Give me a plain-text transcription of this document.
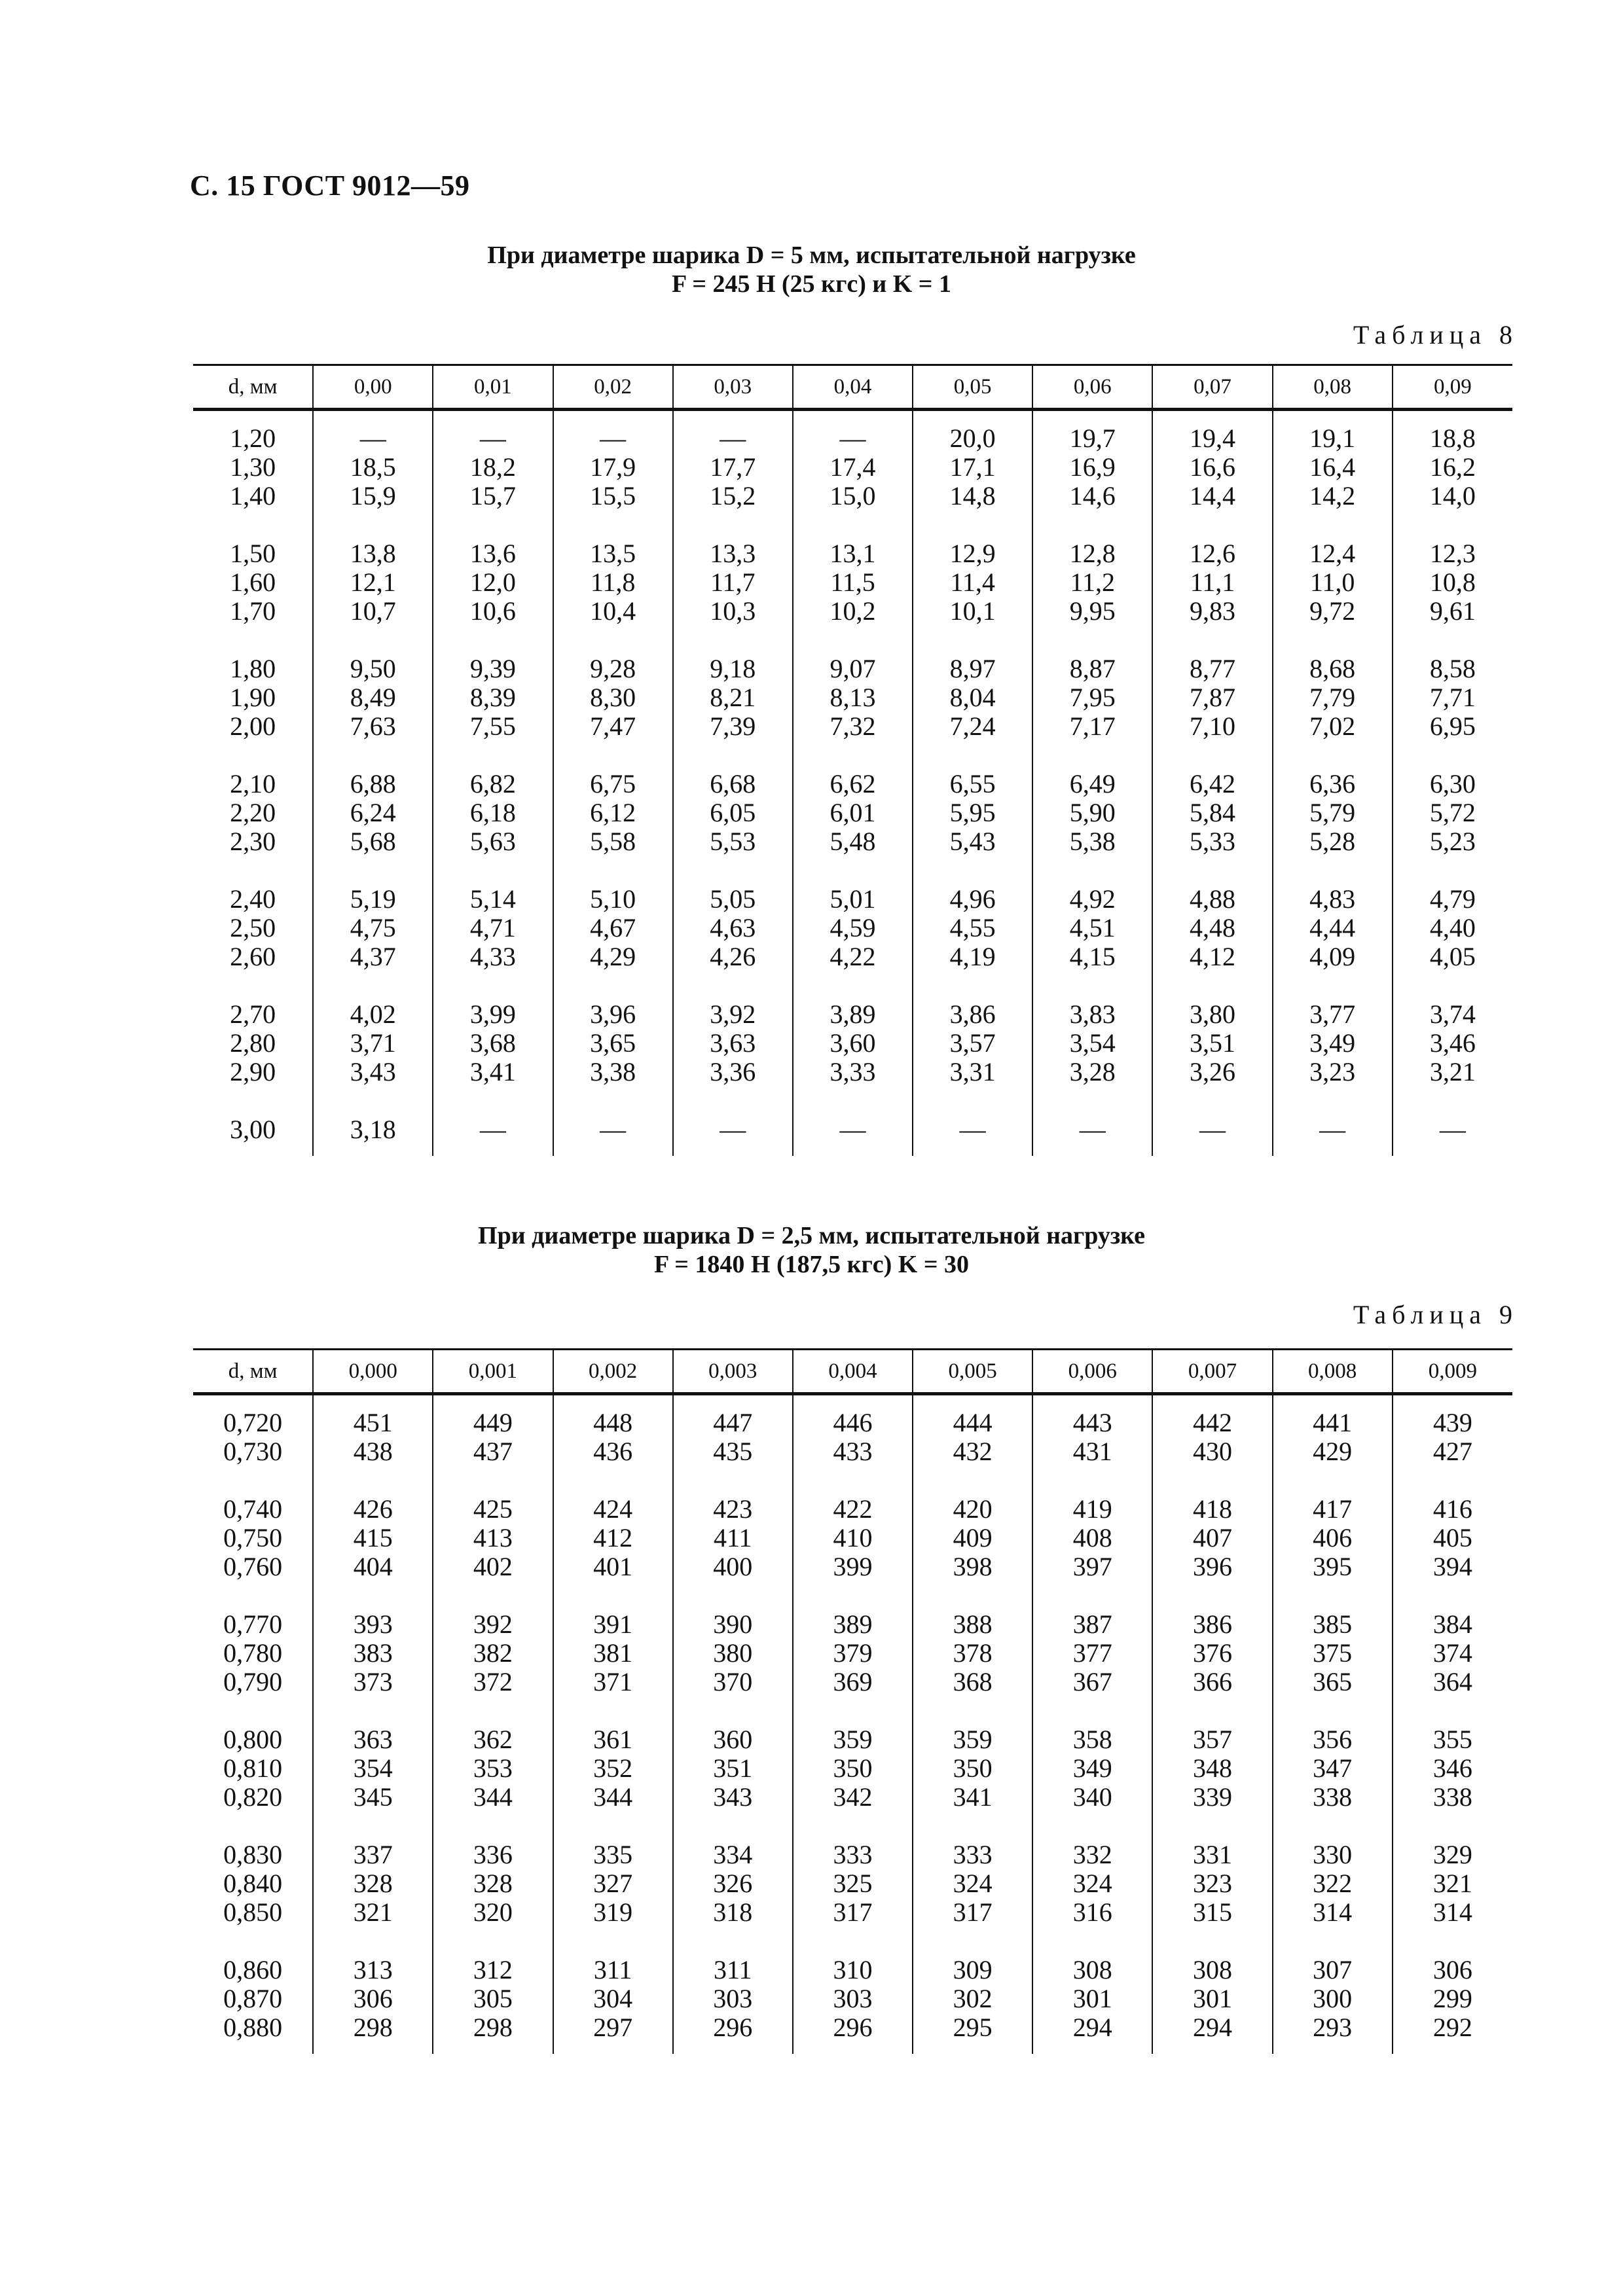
С. 15 ГОСТ 9012—59
При диаметре шарика D = 5 мм, испытательной нагрузке
F = 245 Н (25 кгс) и K = 1
Таблица 8
d, мм	0,00	0,01	0,02	0,03	0,04	0,05	0,06	0,07	0,08	0,09
1,20	—	—	—	—	—	20,0	19,7	19,4	19,1	18,8
1,30	18,5	18,2	17,9	17,7	17,4	17,1	16,9	16,6	16,4	16,2
1,40	15,9	15,7	15,5	15,2	15,0	14,8	14,6	14,4	14,2	14,0

1,50	13,8	13,6	13,5	13,3	13,1	12,9	12,8	12,6	12,4	12,3
1,60	12,1	12,0	11,8	11,7	11,5	11,4	11,2	11,1	11,0	10,8
1,70	10,7	10,6	10,4	10,3	10,2	10,1	9,95	9,83	9,72	9,61

1,80	9,50	9,39	9,28	9,18	9,07	8,97	8,87	8,77	8,68	8,58
1,90	8,49	8,39	8,30	8,21	8,13	8,04	7,95	7,87	7,79	7,71
2,00	7,63	7,55	7,47	7,39	7,32	7,24	7,17	7,10	7,02	6,95

2,10	6,88	6,82	6,75	6,68	6,62	6,55	6,49	6,42	6,36	6,30
2,20	6,24	6,18	6,12	6,05	6,01	5,95	5,90	5,84	5,79	5,72
2,30	5,68	5,63	5,58	5,53	5,48	5,43	5,38	5,33	5,28	5,23

2,40	5,19	5,14	5,10	5,05	5,01	4,96	4,92	4,88	4,83	4,79
2,50	4,75	4,71	4,67	4,63	4,59	4,55	4,51	4,48	4,44	4,40
2,60	4,37	4,33	4,29	4,26	4,22	4,19	4,15	4,12	4,09	4,05

2,70	4,02	3,99	3,96	3,92	3,89	3,86	3,83	3,80	3,77	3,74
2,80	3,71	3,68	3,65	3,63	3,60	3,57	3,54	3,51	3,49	3,46
2,90	3,43	3,41	3,38	3,36	3,33	3,31	3,28	3,26	3,23	3,21

3,00	3,18	—	—	—	—	—	—	—	—	—
При диаметре шарика D = 2,5 мм, испытательной нагрузке
F = 1840 Н (187,5 кгс) K = 30
Таблица 9
d, мм	0,000	0,001	0,002	0,003	0,004	0,005	0,006	0,007	0,008	0,009
0,720	451	449	448	447	446	444	443	442	441	439
0,730	438	437	436	435	433	432	431	430	429	427

0,740	426	425	424	423	422	420	419	418	417	416
0,750	415	413	412	411	410	409	408	407	406	405
0,760	404	402	401	400	399	398	397	396	395	394

0,770	393	392	391	390	389	388	387	386	385	384
0,780	383	382	381	380	379	378	377	376	375	374
0,790	373	372	371	370	369	368	367	366	365	364

0,800	363	362	361	360	359	359	358	357	356	355
0,810	354	353	352	351	350	350	349	348	347	346
0,820	345	344	344	343	342	341	340	339	338	338

0,830	337	336	335	334	333	333	332	331	330	329
0,840	328	328	327	326	325	324	324	323	322	321
0,850	321	320	319	318	317	317	316	315	314	314

0,860	313	312	311	311	310	309	308	308	307	306
0,870	306	305	304	303	303	302	301	301	300	299
0,880	298	298	297	296	296	295	294	294	293	292
